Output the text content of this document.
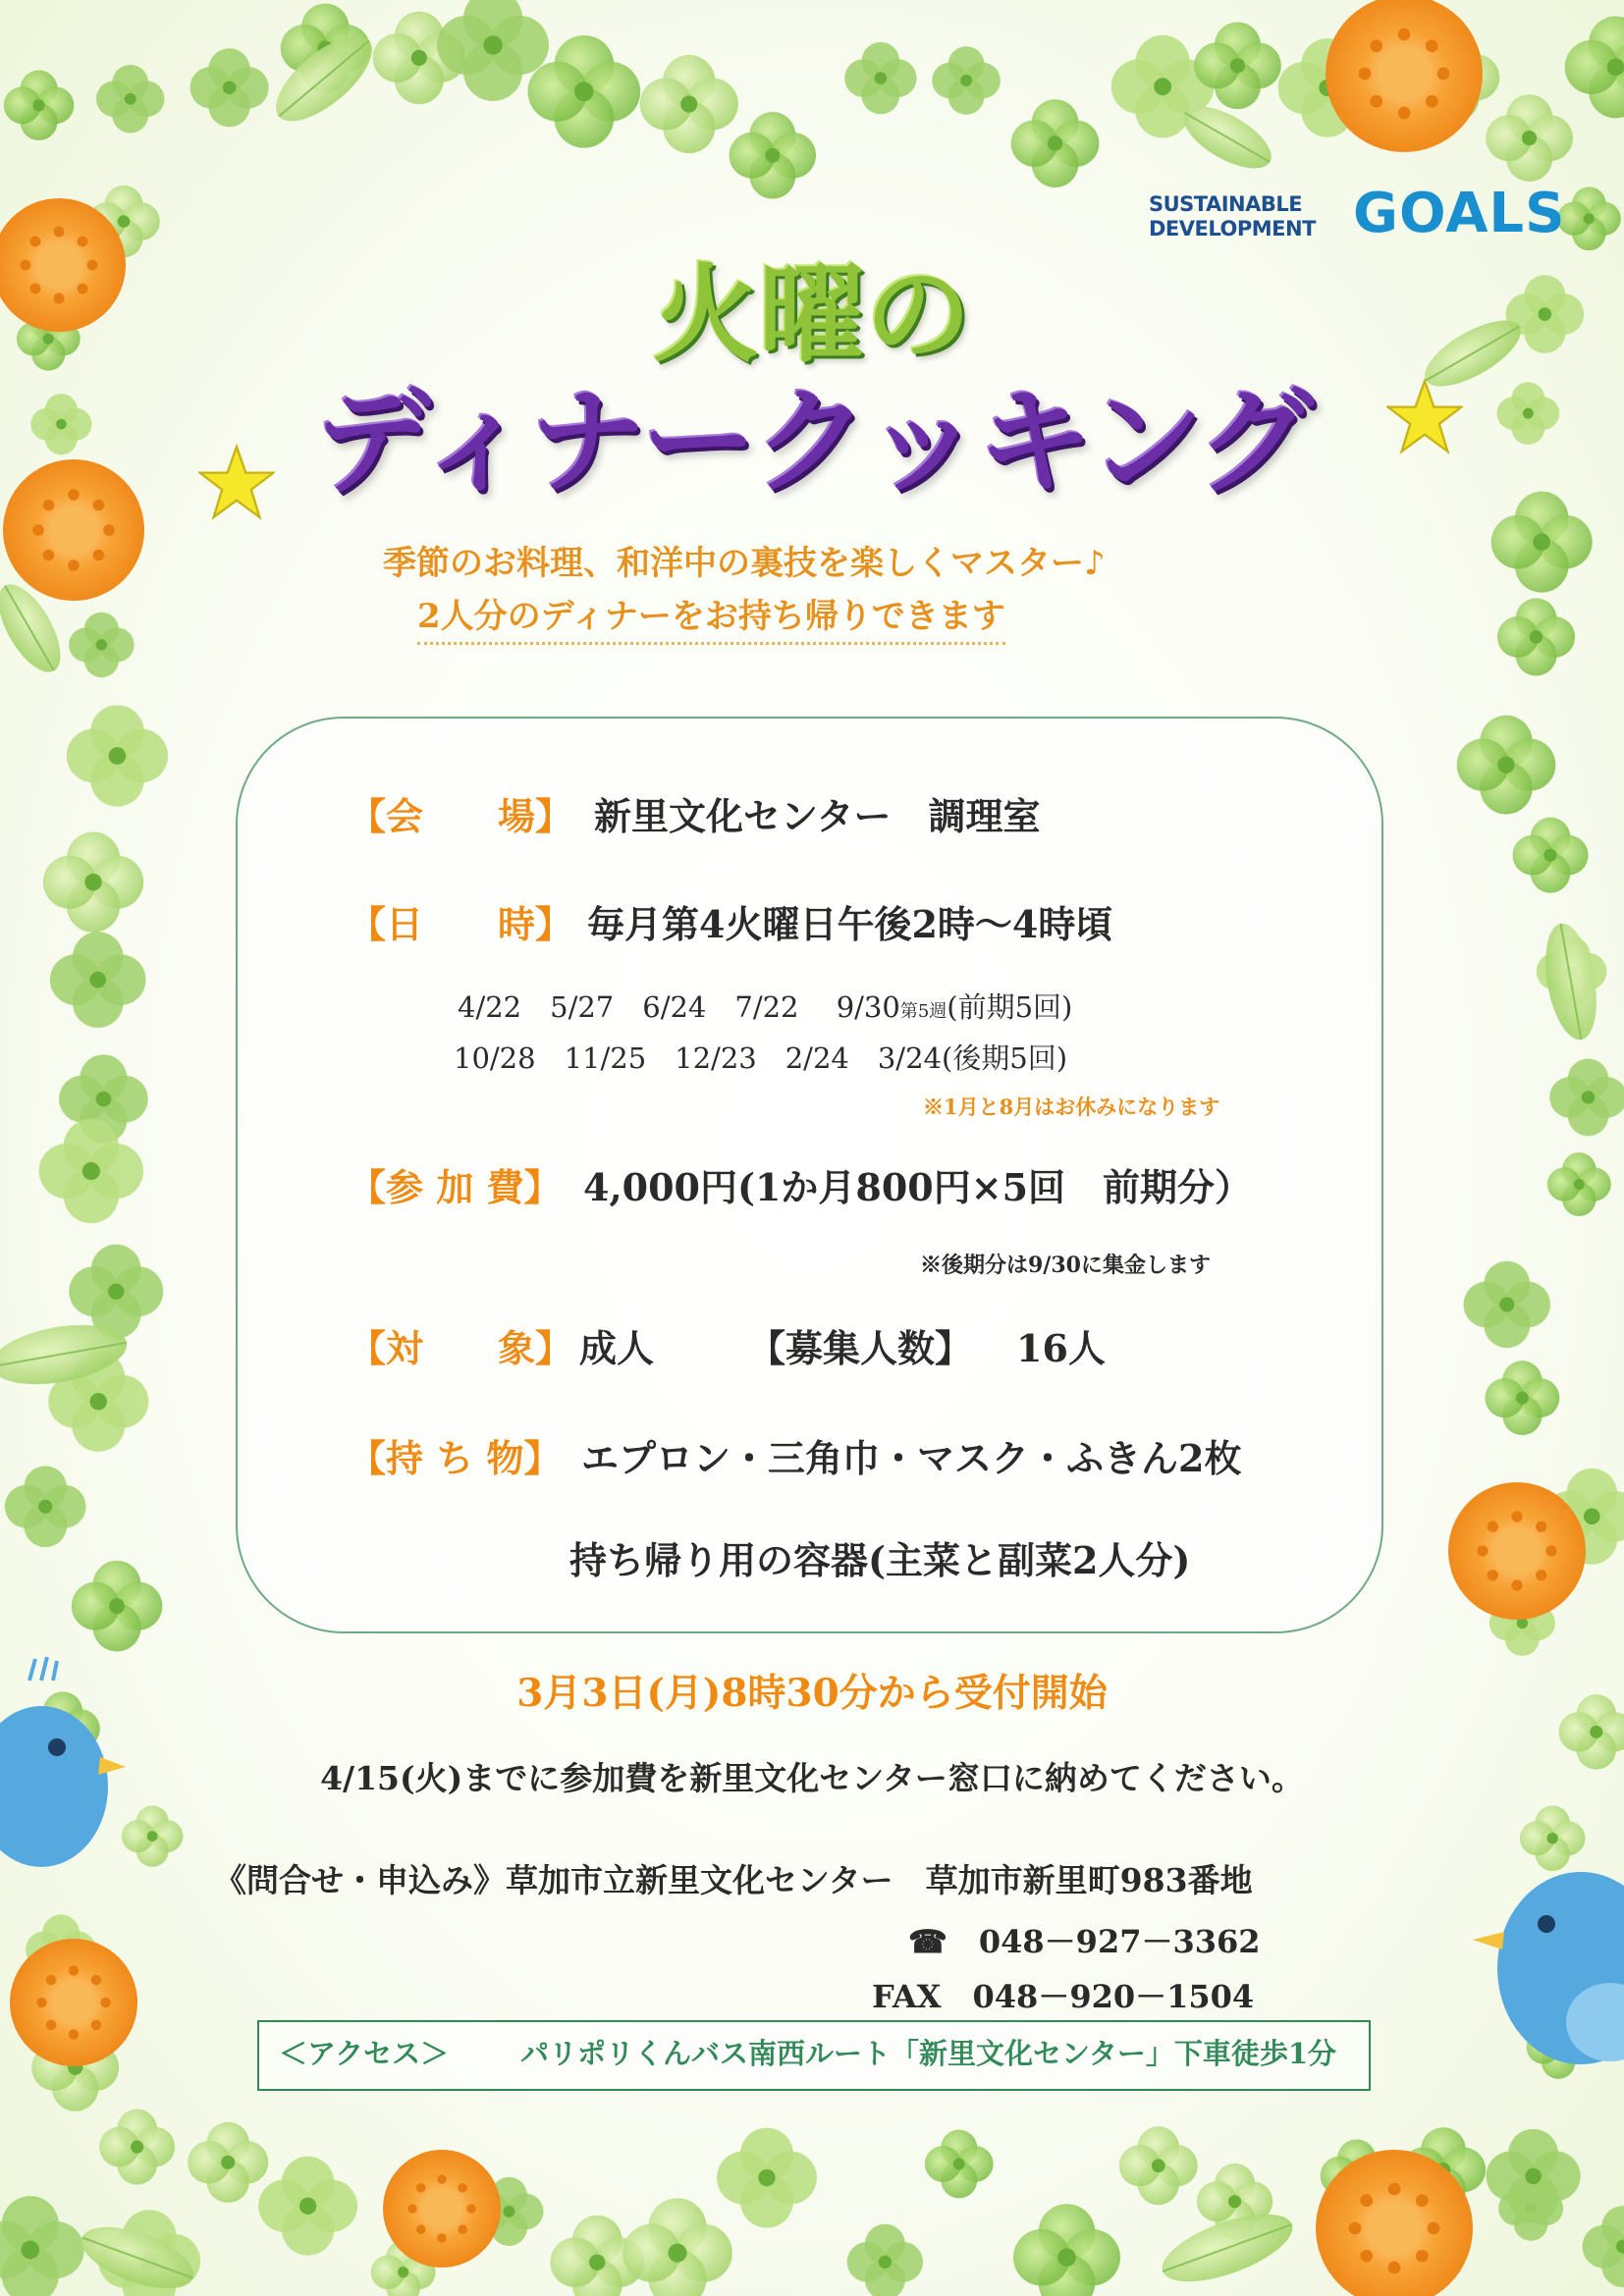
SUSTAINABLE
DEVELOPMENT GOALS
火曜の
ディナークッキング
季節のお料理、和洋中の裏技を楽しくマスター♪
2人分のディナーをお持ち帰りできます
【会　　場】 新里文化センター　調理室
【日　　時】 毎月第4火曜日午後2時～4時頃
4/22　5/27　6/24　7/22　 9/30第5週(前期5回)
10/28　11/25　12/23　2/24　3/24(後期5回)
※1月と8月はお休みになります
【参 加 費】 4,000円(1か月800円×5回　前期分）
※後期分は9/30に集金します
【対　　象】 成人	【募集人数】 16人
【持 ち 物】 エプロン・三角巾・マスク・ふきん2枚
持ち帰り用の容器(主菜と副菜2人分)
3月3日(月)8時30分から受付開始
4/15(火)までに参加費を新里文化センター窓口に納めてください。
《問合せ・申込み》草加市立新里文化センター　草加市新里町983番地
☎　 048－927－3362
FAX　 048－920－1504
＜アクセス＞	パリポリくんバス南西ルート「新里文化センター」下車徒歩1分
